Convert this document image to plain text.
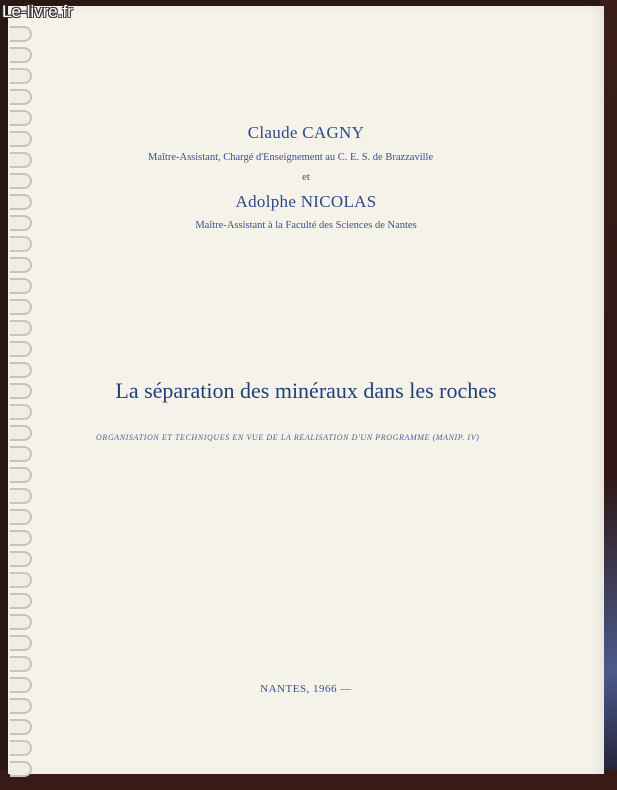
Claude CAGNY
Maître-Assistant, Chargé d'Enseignement au C. E. S. de Brazzaville
et
Adolphe NICOLAS
Maître-Assistant à la Faculté des Sciences de Nantes
La séparation des minéraux dans les roches
ORGANISATION ET TECHNIQUES EN VUE DE LA REALISATION D'UN PROGRAMME (MANIP. IV)
NANTES, 1966 —
Le-livre.fr
